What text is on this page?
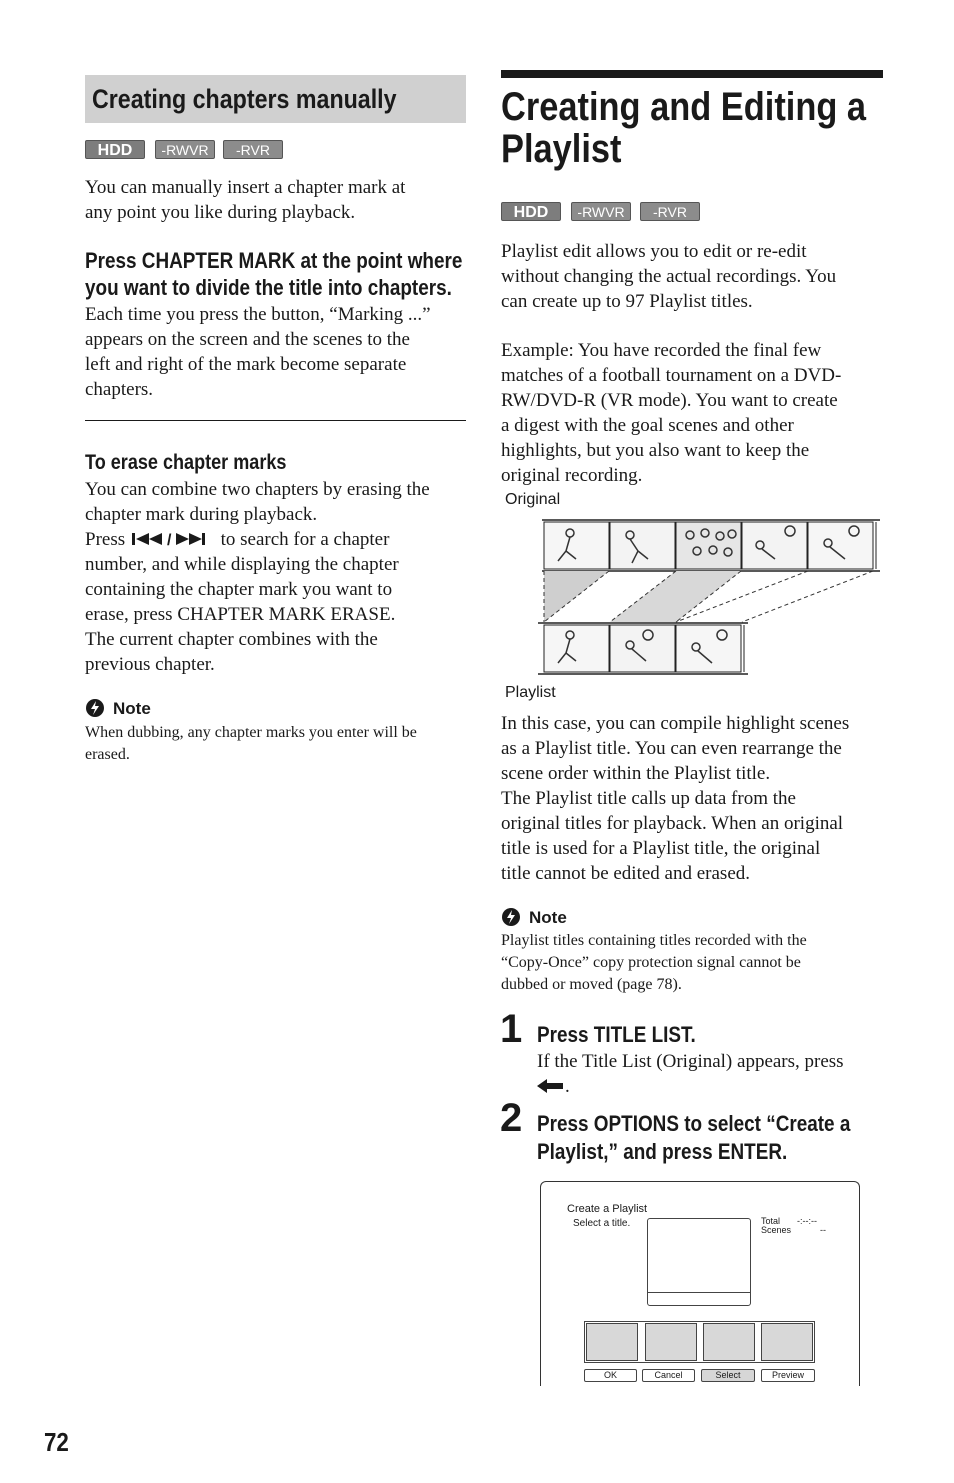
Creating chapters manually
HDD	-RWVR	-RVR
You can manually insert a chapter mark at
any point you like during playback.
Press CHAPTER MARK at the point where
you want to divide the title into chapters.
Each time you press the button, “Marking ...”
appears on the screen and the scenes to the
left and right of the mark become separate
chapters.
To erase chapter marks
You can combine two chapters by erasing the
chapter mark during playback.
Press	/	to search for a chapter
number, and while displaying the chapter
containing the chapter mark you want to
erase, press CHAPTER MARK ERASE.
The current chapter combines with the
previous chapter.
Note
When dubbing, any chapter marks you enter will be
erased.
Creating and Editing a
Playlist
HDD	-RWVR	-RVR
Playlist edit allows you to edit or re-edit
without changing the actual recordings. You
can create up to 97 Playlist titles.
Example: You have recorded the final few
matches of a football tournament on a DVD-
RW/DVD-R (VR mode). You want to create
a digest with the goal scenes and other
highlights, but you also want to keep the
original recording.
Original
Playlist
In this case, you can compile highlight scenes
as a Playlist title. You can even rearrange the
scene order within the Playlist title.
The Playlist title calls up data from the
original titles for playback. When an original
title is used for a Playlist title, the original
title cannot be edited and erased.
Note
Playlist titles containing titles recorded with the
“Copy-Once” copy protection signal cannot be
dubbed or moved (page 78).
1 Press TITLE LIST.
If the Title List (Original) appears, press
.
2 Press OPTIONS to select “Create a
Playlist,” and press ENTER.
Create a Playlist
Select a title.	Total -:--:--
Scenes	--
OK	Cancel	Select	Preview
72
